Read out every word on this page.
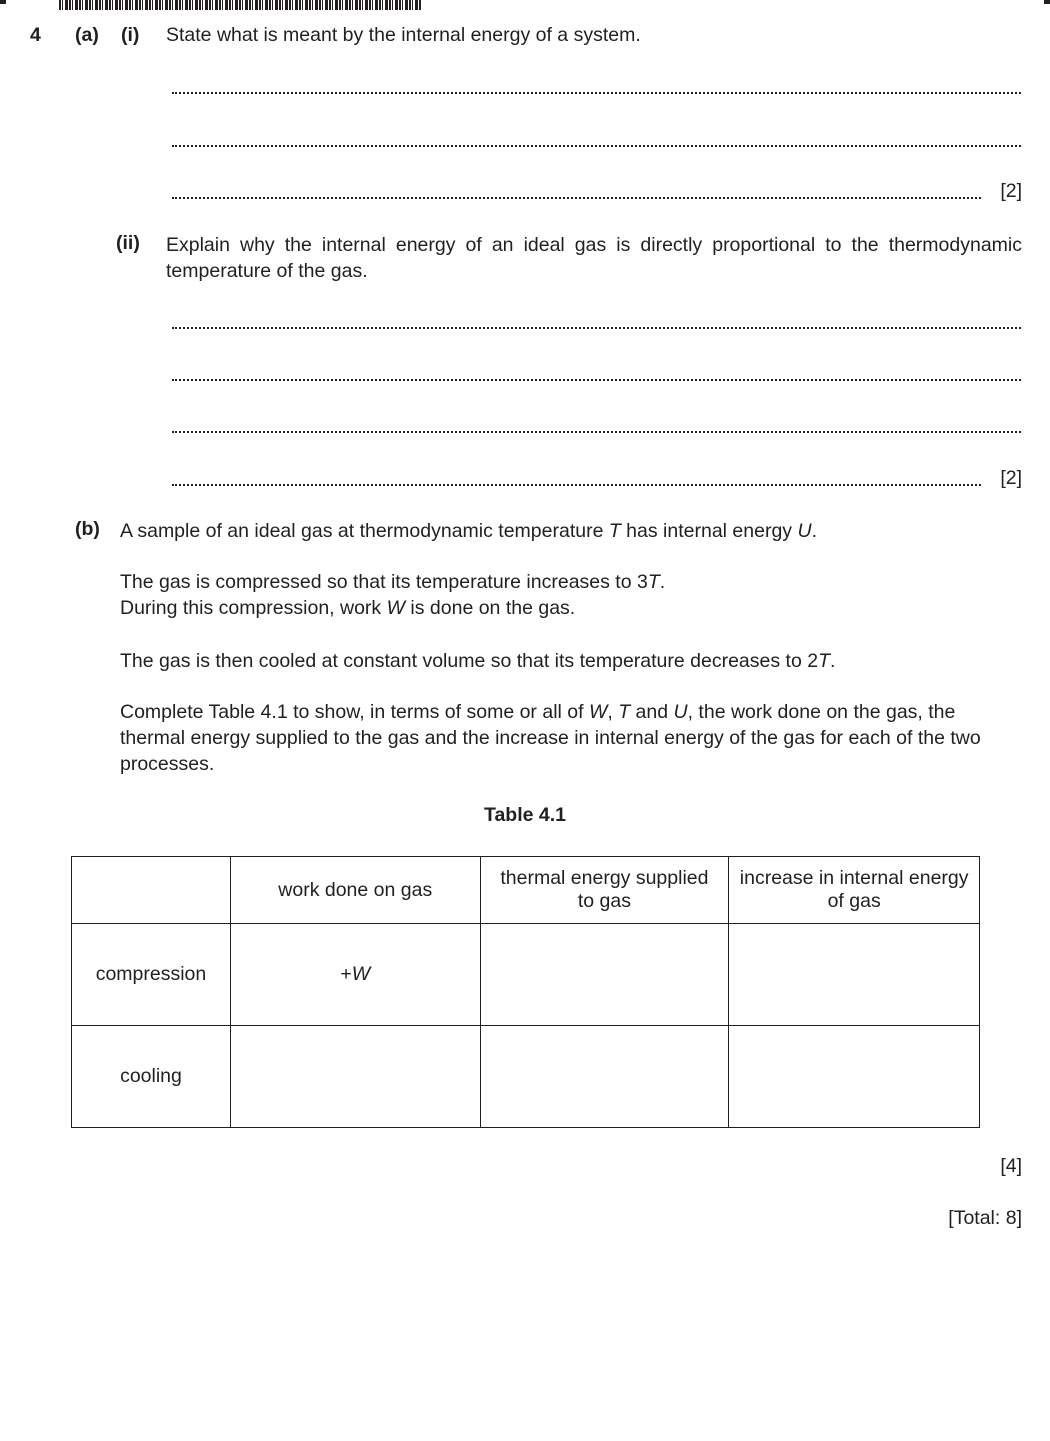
4 (a) (i) State what is meant by the internal energy of a system.
[2]
(ii) Explain why the internal energy of an ideal gas is directly proportional to the thermodynamic temperature of the gas.
[2]
(b) A sample of an ideal gas at thermodynamic temperature T has internal energy U.
The gas is compressed so that its temperature increases to 3T.
During this compression, work W is done on the gas.
The gas is then cooled at constant volume so that its temperature decreases to 2T.
Complete Table 4.1 to show, in terms of some or all of W, T and U, the work done on the gas, the thermal energy supplied to the gas and the increase in internal energy of the gas for each of the two processes.
Table 4.1
	work done on gas	thermal energy supplied to gas	increase in internal energy of gas
compression	+W		
cooling			
[4]
[Total: 8]
